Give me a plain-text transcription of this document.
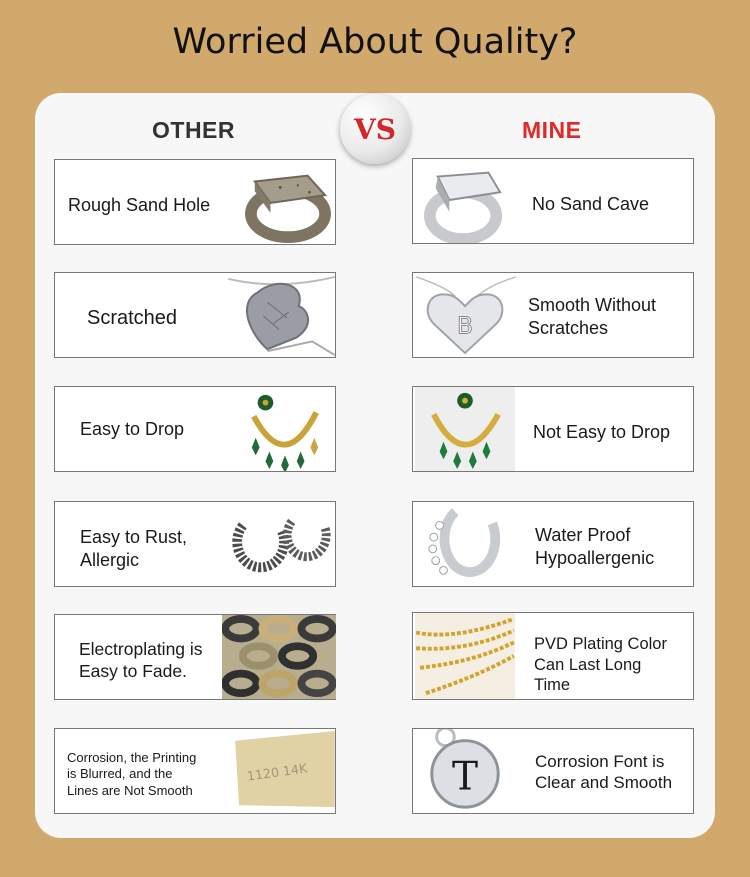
Worried About Quality?
OTHER	MINE
VS
Rough Sand Hole
Scratched
Easy to Drop
Easy to Rust,
Allergic
Electroplating is
Easy to Fade.
Corrosion, the Printing
is Blurred, and the
Lines are Not Smooth
1120 14K
No Sand Cave
B
Smooth Without
Scratches
Not Easy to Drop
Water Proof
Hypoallergenic
PVD Plating Color
Can Last Long
Time
T	Corrosion Font is
Clear and Smooth
